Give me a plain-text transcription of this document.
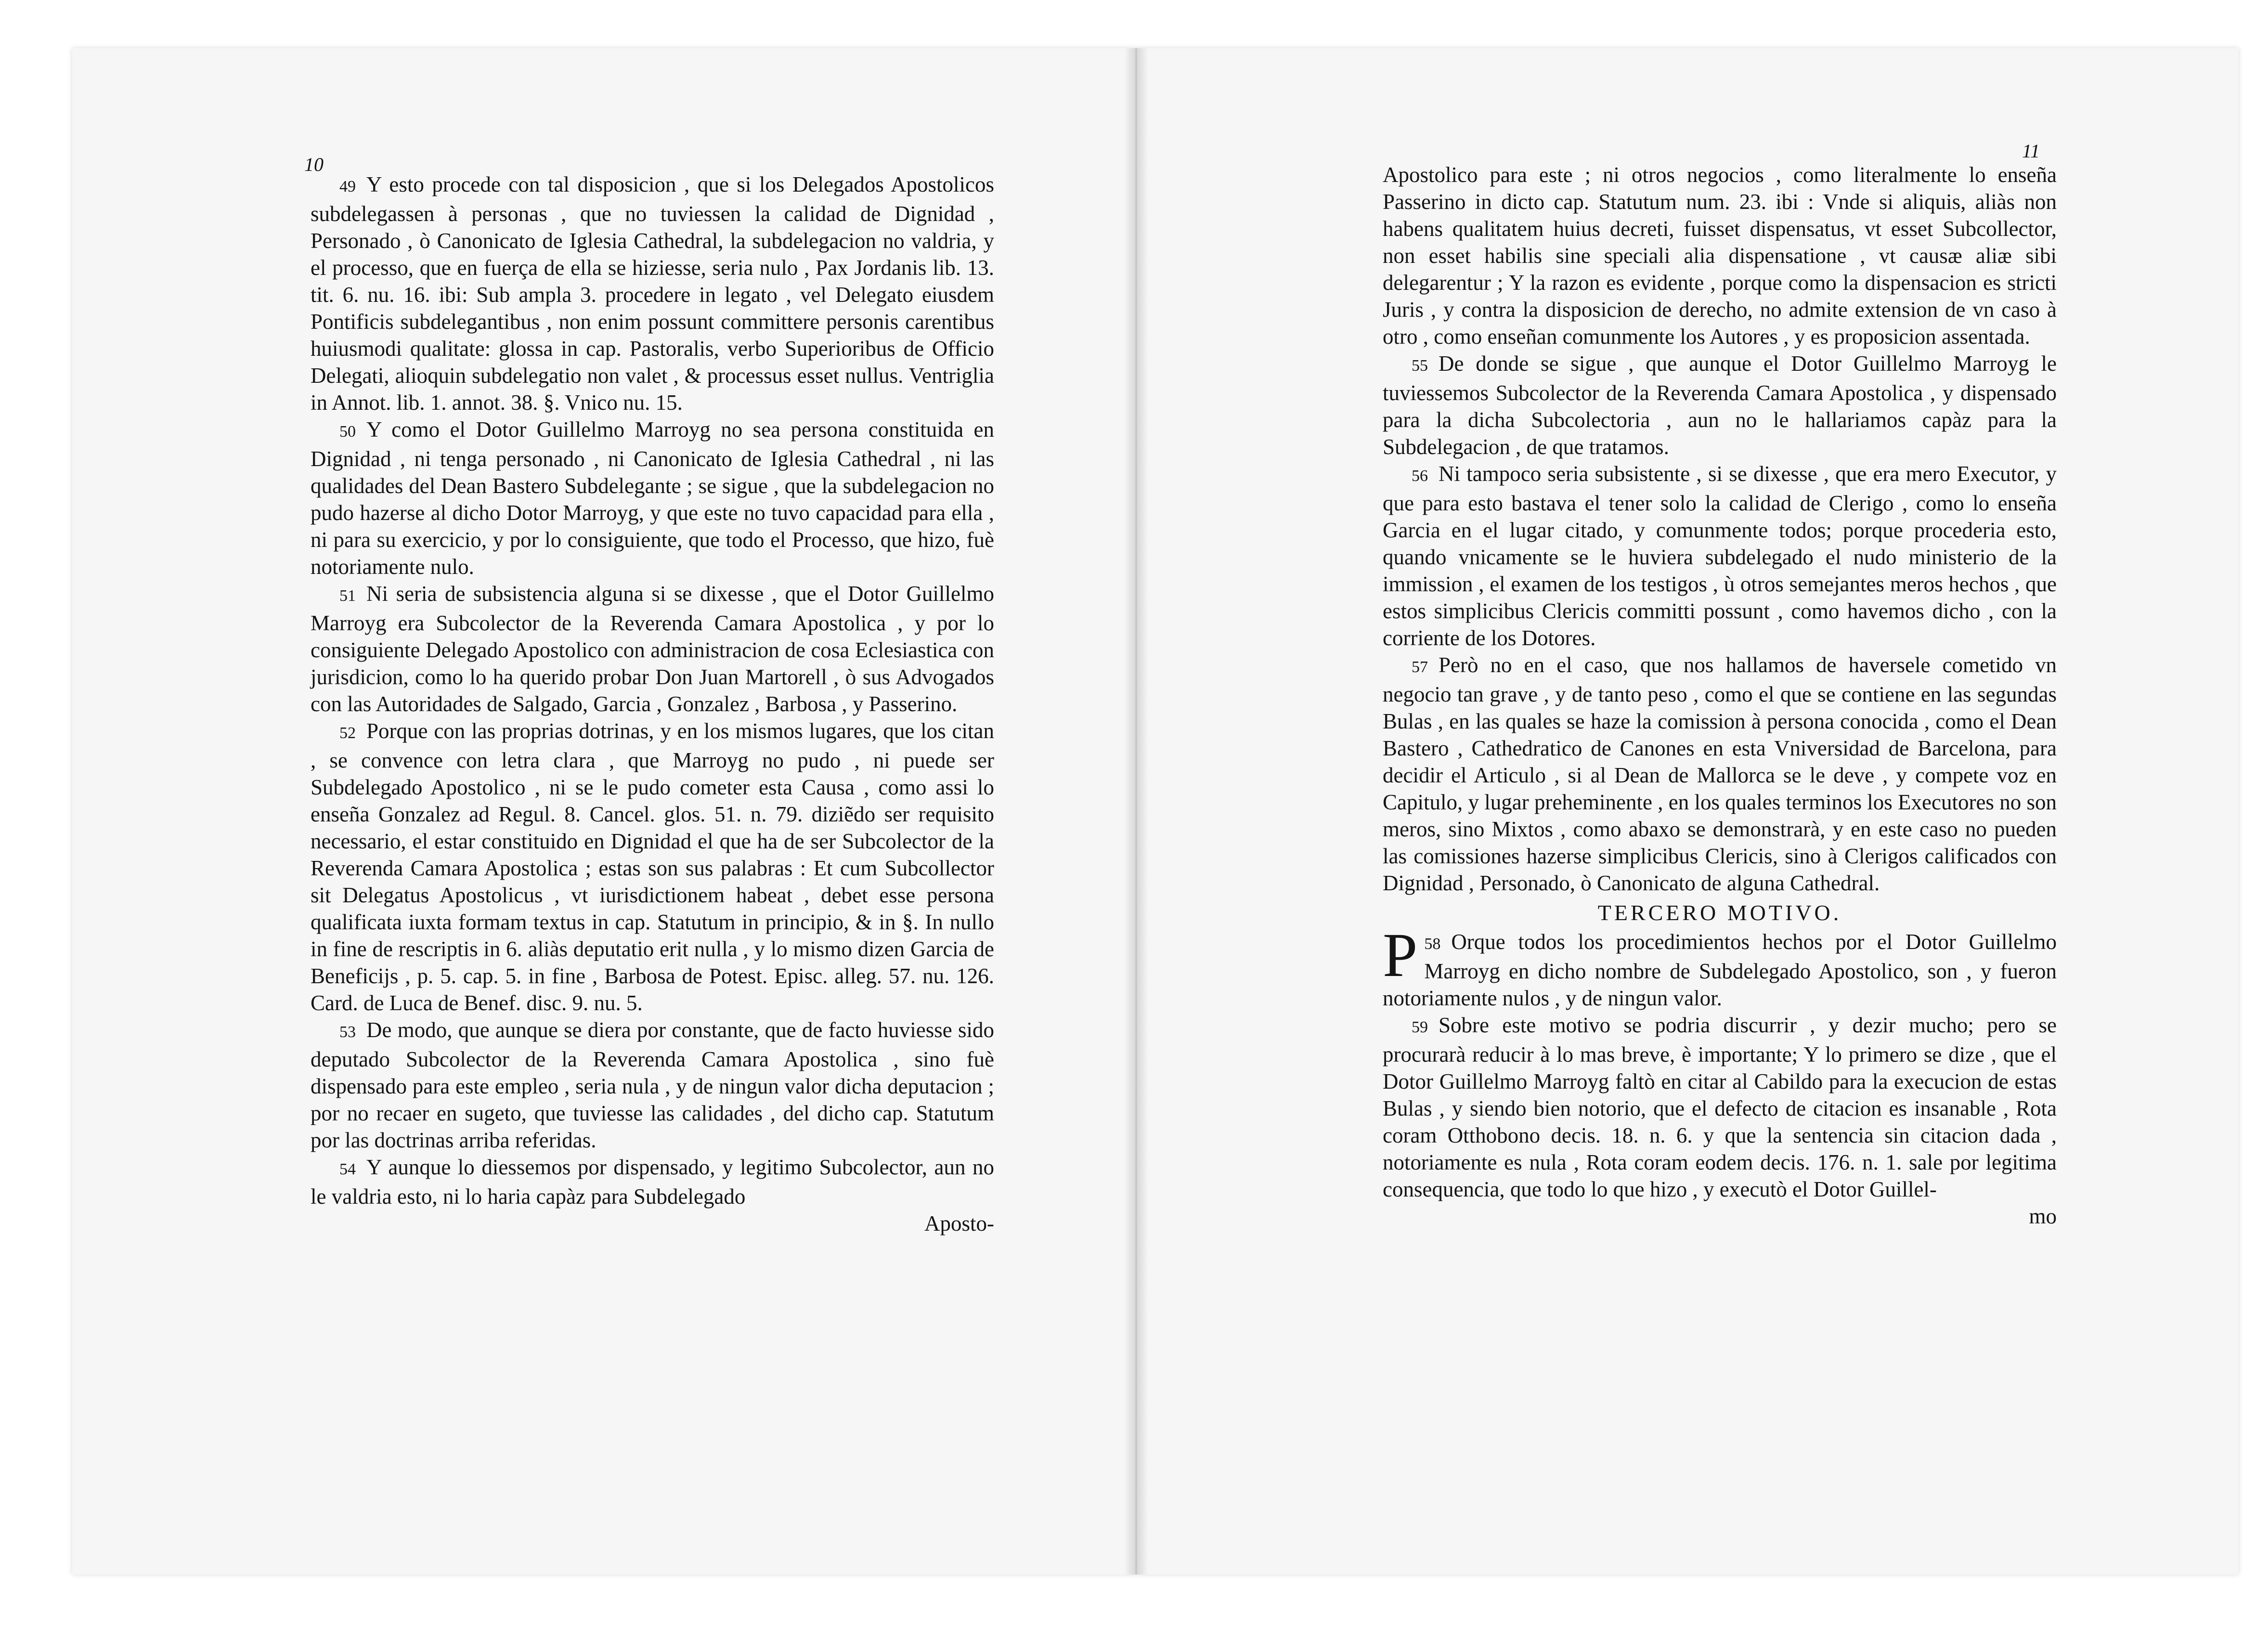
10

49 Y esto procede con tal disposicion , que si los Delegados Apostolicos subdelegassen à personas , que no tuviessen la calidad de Dignidad , Personado , ò Canonicato de Iglesia Cathedral, la subdelegacion no valdria, y el processo, que en fuerça de ella se hiziesse, seria nulo , Pax Jordanis lib. 13. tit. 6. nu. 16. ibi: Sub ampla 3. procedere in legato , vel Delegato eiusdem Pontificis subdelegantibus , non enim possunt committere personis carentibus huiusmodi qualitate: glossa in cap. Pastoralis, verbo Superioribus de Officio Delegati, alioquin subdelegatio non valet , & processus esset nullus. Ventriglia in Annot. lib. 1. annot. 38. §. Vnico nu. 15.

50 Y como el Dotor Guillelmo Marroyg no sea persona constituida en Dignidad , ni tenga personado , ni Canonicato de Iglesia Cathedral , ni las qualidades del Dean Bastero Subdelegante ; se sigue , que la subdelegacion no pudo hazerse al dicho Dotor Marroyg, y que este no tuvo capacidad para ella , ni para su exercicio, y por lo consiguiente, que todo el Processo, que hizo, fuè notoriamente nulo.

51 Ni seria de subsistencia alguna si se dixesse , que el Dotor Guillelmo Marroyg era Subcolector de la Reverenda Camara Apostolica , y por lo consiguiente Delegado Apostolico con administracion de cosa Eclesiastica con jurisdicion, como lo ha querido probar Don Juan Martorell , ò sus Advogados con las Autoridades de Salgado, Garcia , Gonzalez , Barbosa , y Passerino.

52 Porque con las proprias dotrinas, y en los mismos lugares, que los citan , se convence con letra clara , que Marroyg no pudo , ni puede ser Subdelegado Apostolico , ni se le pudo cometer esta Causa , como assi lo enseña Gonzalez ad Regul. 8. Cancel. glos. 51. n. 79. diziẽdo ser requisito necessario, el estar constituido en Dignidad el que ha de ser Subcolector de la Reverenda Camara Apostolica ; estas son sus palabras : Et cum Subcollector sit Delegatus Apostolicus , vt iurisdictionem habeat , debet esse persona qualificata iuxta formam textus in cap. Statutum in principio, & in §. In nullo in fine de rescriptis in 6. aliàs deputatio erit nulla , y lo mismo dizen Garcia de Beneficijs , p. 5. cap. 5. in fine , Barbosa de Potest. Episc. alleg. 57. nu. 126. Card. de Luca de Benef. disc. 9. nu. 5.

53 De modo, que aunque se diera por constante, que de facto huviesse sido deputado Subcolector de la Reverenda Camara Apostolica , sino fuè dispensado para este empleo , seria nula , y de ningun valor dicha deputacion ; por no recaer en sugeto, que tuviesse las calidades , del dicho cap. Statutum por las doctrinas arriba referidas.

54 Y aunque lo diessemos por dispensado, y legitimo Subcolector, aun no le valdria esto, ni lo haria capàz para Subdelegado

Aposto-

11

Apostolico para este ; ni otros negocios , como literalmente lo enseña Passerino in dicto cap. Statutum num. 23. ibi : Vnde si aliquis, aliàs non habens qualitatem huius decreti, fuisset dispensatus, vt esset Subcollector, non esset habilis sine speciali alia dispensatione , vt causæ aliæ sibi delegarentur ; Y la razon es evidente , porque como la dispensacion es stricti Juris , y contra la disposicion de derecho, no admite extension de vn caso à otro , como enseñan comunmente los Autores , y es proposicion assentada.

55 De donde se sigue , que aunque el Dotor Guillelmo Marroyg le tuviessemos Subcolector de la Reverenda Camara Apostolica , y dispensado para la dicha Subcolectoria , aun no le hallariamos capàz para la Subdelegacion , de que tratamos.

56 Ni tampoco seria subsistente , si se dixesse , que era mero Executor, y que para esto bastava el tener solo la calidad de Clerigo , como lo enseña Garcia en el lugar citado, y comunmente todos; porque procederia esto, quando vnicamente se le huviera subdelegado el nudo ministerio de la immission , el examen de los testigos , ù otros semejantes meros hechos , que estos simplicibus Clericis committi possunt , como havemos dicho , con la corriente de los Dotores.

57 Però no en el caso, que nos hallamos de haversele cometido vn negocio tan grave , y de tanto peso , como el que se contiene en las segundas Bulas , en las quales se haze la comission à persona conocida , como el Dean Bastero , Cathedratico de Canones en esta Vniversidad de Barcelona, para decidir el Articulo , si al Dean de Mallorca se le deve , y compete voz en Capitulo, y lugar preheminente , en los quales terminos los Executores no son meros, sino Mixtos , como abaxo se demonstrarà, y en este caso no pueden las comissiones hazerse simplicibus Clericis, sino à Clerigos calificados con Dignidad , Personado, ò Canonicato de alguna Cathedral.

TERCERO MOTIVO.

58
P Orque todos los procedimientos hechos por el Dotor Guillelmo Marroyg en dicho nombre de Subdelegado Apostolico, son , y fueron notoriamente nulos , y de ningun valor.

59 Sobre este motivo se podria discurrir , y dezir mucho; pero se procurarà reducir à lo mas breve, è importante; Y lo primero se dize , que el Dotor Guillelmo Marroyg faltò en citar al Cabildo para la execucion de estas Bulas , y siendo bien notorio, que el defecto de citacion es insanable , Rota coram Otthobono decis. 18. n. 6. y que la sentencia sin citacion dada , notoriamente es nula , Rota coram eodem decis. 176. n. 1. sale por legitima consequencia, que todo lo que hizo , y executò el Dotor Guillel-

mo
